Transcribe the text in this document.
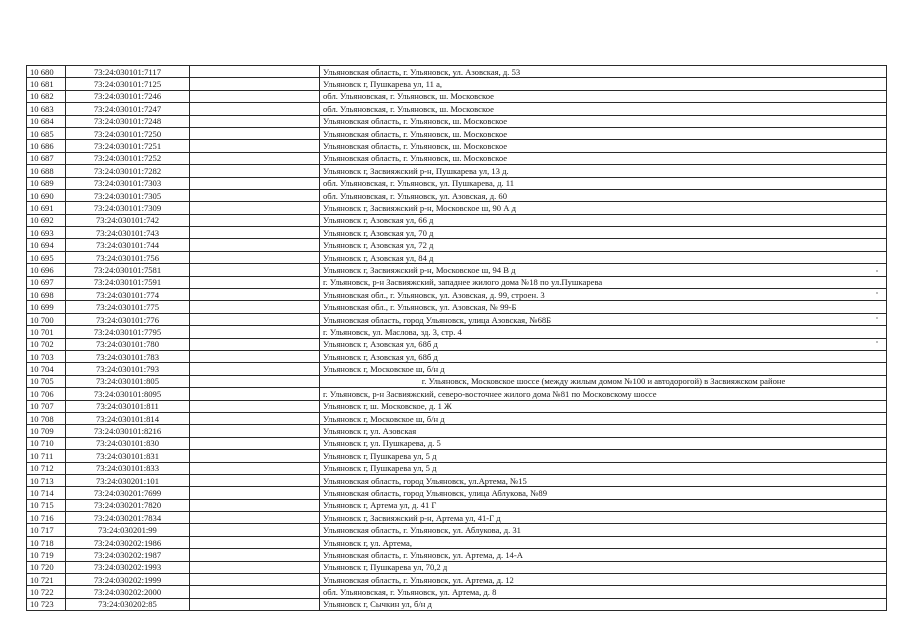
10 680	73:24:030101:7117		Ульяновская область, г. Ульяновск, ул. Азовская, д. 53
10 681	73:24:030101:7125		Ульяновск г, Пушкарева ул, 11 а,
10 682	73:24:030101:7246		обл. Ульяновская, г. Ульяновск, ш. Московское
10 683	73:24:030101:7247		обл. Ульяновская, г. Ульяновск, ш. Московское
10 684	73:24:030101:7248		Ульяновская область, г. Ульяновск, ш. Московское
10 685	73:24:030101:7250		Ульяновская область, г. Ульяновск, ш. Московское
10 686	73:24:030101:7251		Ульяновская область, г. Ульяновск, ш. Московское
10 687	73:24:030101:7252		Ульяновская область, г. Ульяновск, ш. Московское
10 688	73:24:030101:7282		Ульяновск г, Засвияжский р-н, Пушкарева ул, 13 д.
10 689	73:24:030101:7303		обл. Ульяновская, г. Ульяновск, ул. Пушкарева, д. 11
10 690	73:24:030101:7305		обл. Ульяновская, г. Ульяновск, ул. Азовская, д. 60
10 691	73:24:030101:7309		Ульяновск г, Засвияжский р-н, Московское ш, 90 А д
10 692	73:24:030101:742		Ульяновск г, Азовская ул, 66 д
10 693	73:24:030101:743		Ульяновск г, Азовская ул, 70 д
10 694	73:24:030101:744		Ульяновск г, Азовская ул, 72 д
10 695	73:24:030101:756		Ульяновск г, Азовская ул, 84 д
10 696	73:24:030101:7581		Ульяновск г, Засвияжский р-н, Московское ш, 94 В д
10 697	73:24:030101:7591		г. Ульяновск, р-н Засвияжский, западнее жилого дома №18 по ул.Пушкарева
10 698	73:24:030101:774		Ульяновская обл., г. Ульяновск, ул. Азовская, д. 99, строен. 3
10 699	73:24:030101:775		Ульяновская обл., г. Ульяновск, ул. Азовская, № 99-Б
10 700	73:24:030101:776		Ульяновская область, город Ульяновск, улица Азовская, №68Б
10 701	73:24:030101:7795		г. Ульяновск, ул. Маслова, зд. 3, стр. 4
10 702	73:24:030101:780		Ульяновск г, Азовская ул, 68б д
10 703	73:24:030101:783		Ульяновск г, Азовская ул, 68б д
10 704	73:24:030101:793		Ульяновск г, Московское ш, б/н д
10 705	73:24:030101:805		г. Ульяновск, Московское шоссе (между жилым домом №100 и автодорогой) в Засвияжском районе
10 706	73:24:030101:8095		г. Ульяновск, р-н Засвияжский, северо-восточнее жилого дома №81 по Московскому шоссе
10 707	73:24:030101:811		Ульяновск г, ш. Московское, д. 1 Ж
10 708	73:24:030101:814		Ульяновск г, Московское ш, б/н д
10 709	73:24:030101:8216		Ульяновск г, ул. Азовская
10 710	73:24:030101:830		Ульяновск г, ул. Пушкарева, д. 5
10 711	73:24:030101:831		Ульяновск г, Пушкарева ул, 5 д
10 712	73:24:030101:833		Ульяновск г, Пушкарева ул, 5 д
10 713	73:24:030201:101		Ульяновская область, город Ульяновск, ул.Артема, №15
10 714	73:24:030201:7699		Ульяновская область, город Ульяновск, улица Аблукова, №89
10 715	73:24:030201:7820		Ульяновск г, Артема ул, д. 41 Г
10 716	73:24:030201:7834		Ульяновск г, Засвияжский р-н, Артема ул, 41-Г д
10 717	73:24:030201:99		Ульяновская область, г. Ульяновск, ул. Аблукова, д. 31
10 718	73:24:030202:1986		Ульяновск г, ул. Артема,
10 719	73:24:030202:1987		Ульяновская область, г. Ульяновск, ул. Артема, д. 14-А
10 720	73:24:030202:1993		Ульяновск г, Пушкарева ул, 70,2 д
10 721	73:24:030202:1999		Ульяновская область, г. Ульяновск, ул. Артема, д. 12
10 722	73:24:030202:2000		обл. Ульяновская, г. Ульяновск, ул. Артема, д. 8
10 723	73:24:030202:85		Ульяновск г, Сычкин ул, б/н д
